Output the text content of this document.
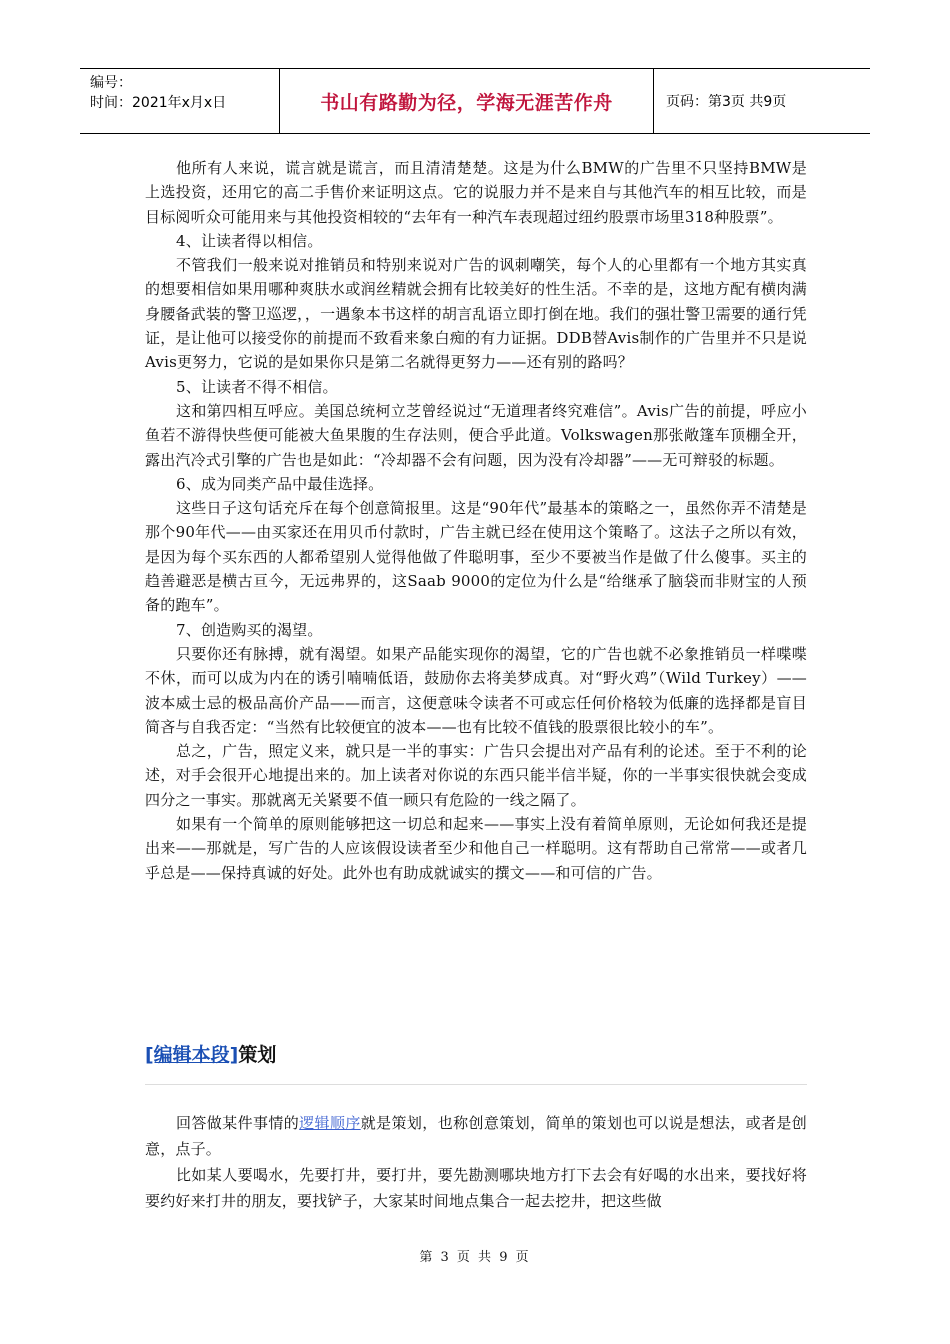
编号：
时间：2021年x月x日	书山有路勤为径，学海无涯苦作舟	页码：第3页 共9页

他所有人来说，谎言就是谎言，而且清清楚楚。这是为什么BMW的广告里不只坚持BMW是上选投资，还用它的高二手售价来证明这点。它的说服力并不是来自与其他汽车的相互比较，而是目标阅听众可能用来与其他投资相较的“去年有一种汽车表现超过纽约股票市场里318种股票”。

4、让读者得以相信。

不管我们一般来说对推销员和特别来说对广告的讽刺嘲笑，每个人的心里都有一个地方其实真的想要相信如果用哪种爽肤水或润丝精就会拥有比较美好的性生活。不幸的是，这地方配有横肉满身腰备武装的警卫巡逻，，一遇象本书这样的胡言乱语立即打倒在地。我们的强壮警卫需要的通行凭证，是让他可以接受你的前提而不致看来象白痴的有力证据。DDB替Avis制作的广告里并不只是说Avis更努力，它说的是如果你只是第二名就得更努力——还有别的路吗？

5、让读者不得不相信。

这和第四相互呼应。美国总统柯立芝曾经说过“无道理者终究难信”。Avis广告的前提，呼应小鱼若不游得快些便可能被大鱼果腹的生存法则，便合乎此道。Volkswagen那张敞篷车顶棚全开，露出汽冷式引擎的广告也是如此：“冷却器不会有问题，因为没有冷却器”——无可辩驳的标题。

6、成为同类产品中最佳选择。

这些日子这句话充斥在每个创意简报里。这是“90年代”最基本的策略之一，虽然你弄不清楚是那个90年代——由买家还在用贝币付款时，广告主就已经在使用这个策略了。这法子之所以有效，是因为每个买东西的人都希望别人觉得他做了件聪明事，至少不要被当作是做了什么傻事。买主的趋善避恶是横古亘今，无远弗界的，这Saab 9000的定位为什么是“给继承了脑袋而非财宝的人预备的跑车”。

7、创造购买的渴望。

只要你还有脉搏，就有渴望。如果产品能实现你的渴望，它的广告也就不必象推销员一样喋喋不休，而可以成为内在的诱引喃喃低语，鼓励你去将美梦成真。对“野火鸡”（Wild Turkey）——波本威士忌的极品高价产品——而言，这便意味令读者不可或忘任何价格较为低廉的选择都是盲目简吝与自我否定：“当然有比较便宜的波本——也有比较不值钱的股票很比较小的车”。

总之，广告，照定义来，就只是一半的事实：广告只会提出对产品有利的论述。至于不利的论述，对手会很开心地提出来的。加上读者对你说的东西只能半信半疑，你的一半事实很快就会变成四分之一事实。那就离无关紧要不值一顾只有危险的一线之隔了。

如果有一个简单的原则能够把这一切总和起来——事实上没有着简单原则，无论如何我还是提出来——那就是，写广告的人应该假设读者至少和他自己一样聪明。这有帮助自己常常——或者几乎总是——保持真诚的好处。此外也有助成就诚实的撰文——和可信的广告。

[编辑本段]策划

回答做某件事情的逻辑顺序就是策划，也称创意策划，简单的策划也可以说是想法，或者是创意，点子。

比如某人要喝水，先要打井，要打井，要先勘测哪块地方打下去会有好喝的水出来，要找好将要约好来打井的朋友，要找铲子，大家某时间地点集合一起去挖井，把这些做

第 3 页 共 9 页
